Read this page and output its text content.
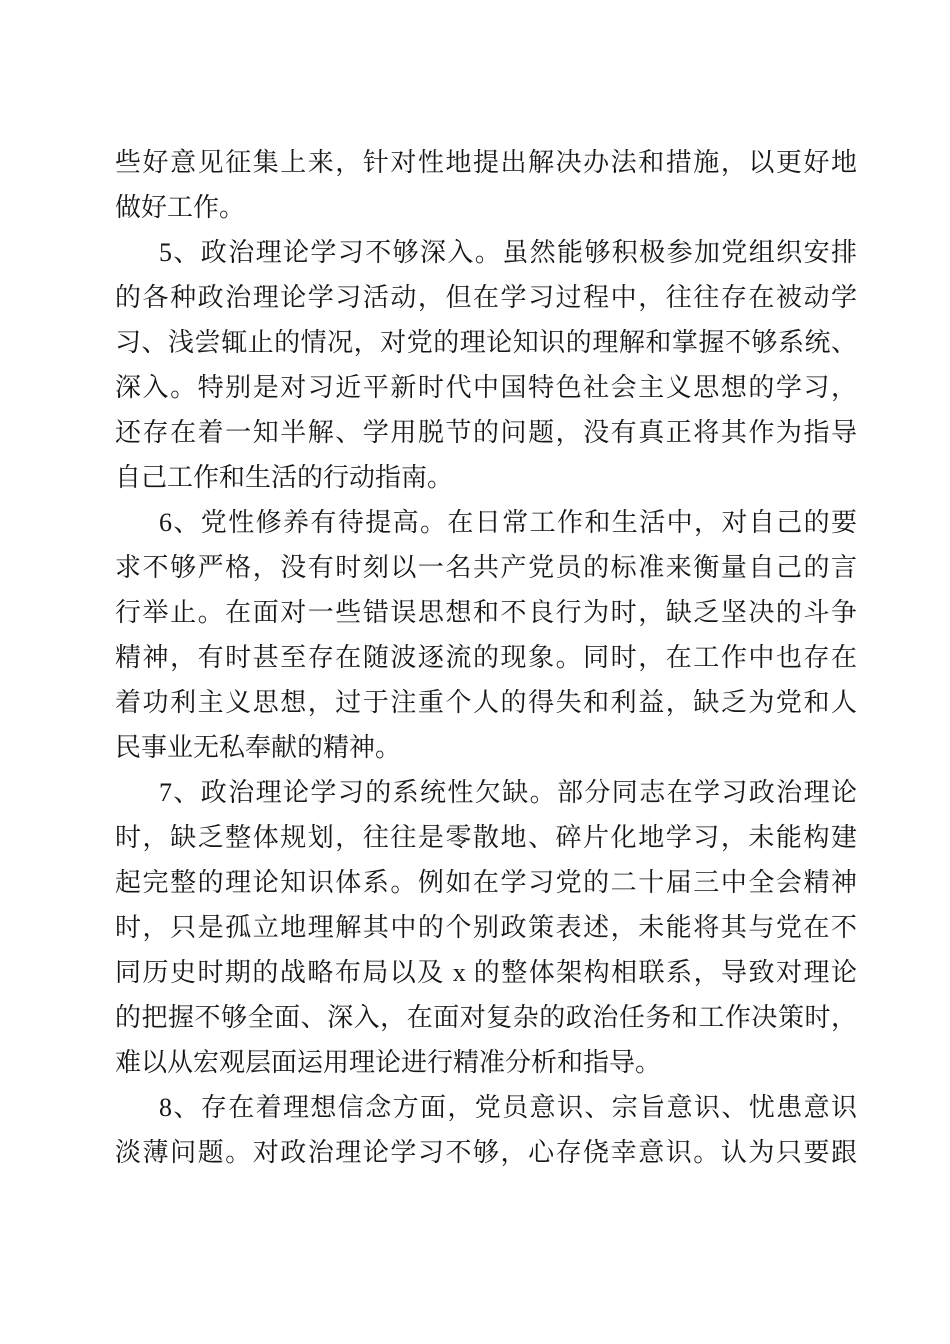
些好意见征集上来，针对性地提出解决办法和措施，以更好地
做好工作。
5、政治理论学习不够深入。虽然能够积极参加党组织安排
的各种政治理论学习活动，但在学习过程中，往往存在被动学
习、浅尝辄止的情况，对党的理论知识的理解和掌握不够系统、
深入。特别是对习近平新时代中国特色社会主义思想的学习，
还存在着一知半解、学用脱节的问题，没有真正将其作为指导
自己工作和生活的行动指南。
6、党性修养有待提高。在日常工作和生活中，对自己的要
求不够严格，没有时刻以一名共产党员的标准来衡量自己的言
行举止。在面对一些错误思想和不良行为时，缺乏坚决的斗争
精神，有时甚至存在随波逐流的现象。同时，在工作中也存在
着功利主义思想，过于注重个人的得失和利益，缺乏为党和人
民事业无私奉献的精神。
7、政治理论学习的系统性欠缺。部分同志在学习政治理论
时，缺乏整体规划，往往是零散地、碎片化地学习，未能构建
起完整的理论知识体系。例如在学习党的二十届三中全会精神
时，只是孤立地理解其中的个别政策表述，未能将其与党在不
同历史时期的战略布局以及 x 的整体架构相联系，导致对理论
的把握不够全面、深入，在面对复杂的政治任务和工作决策时，
难以从宏观层面运用理论进行精准分析和指导。
8、存在着理想信念方面，党员意识、宗旨意识、忧患意识
淡薄问题。对政治理论学习不够，心存侥幸意识。认为只要跟
